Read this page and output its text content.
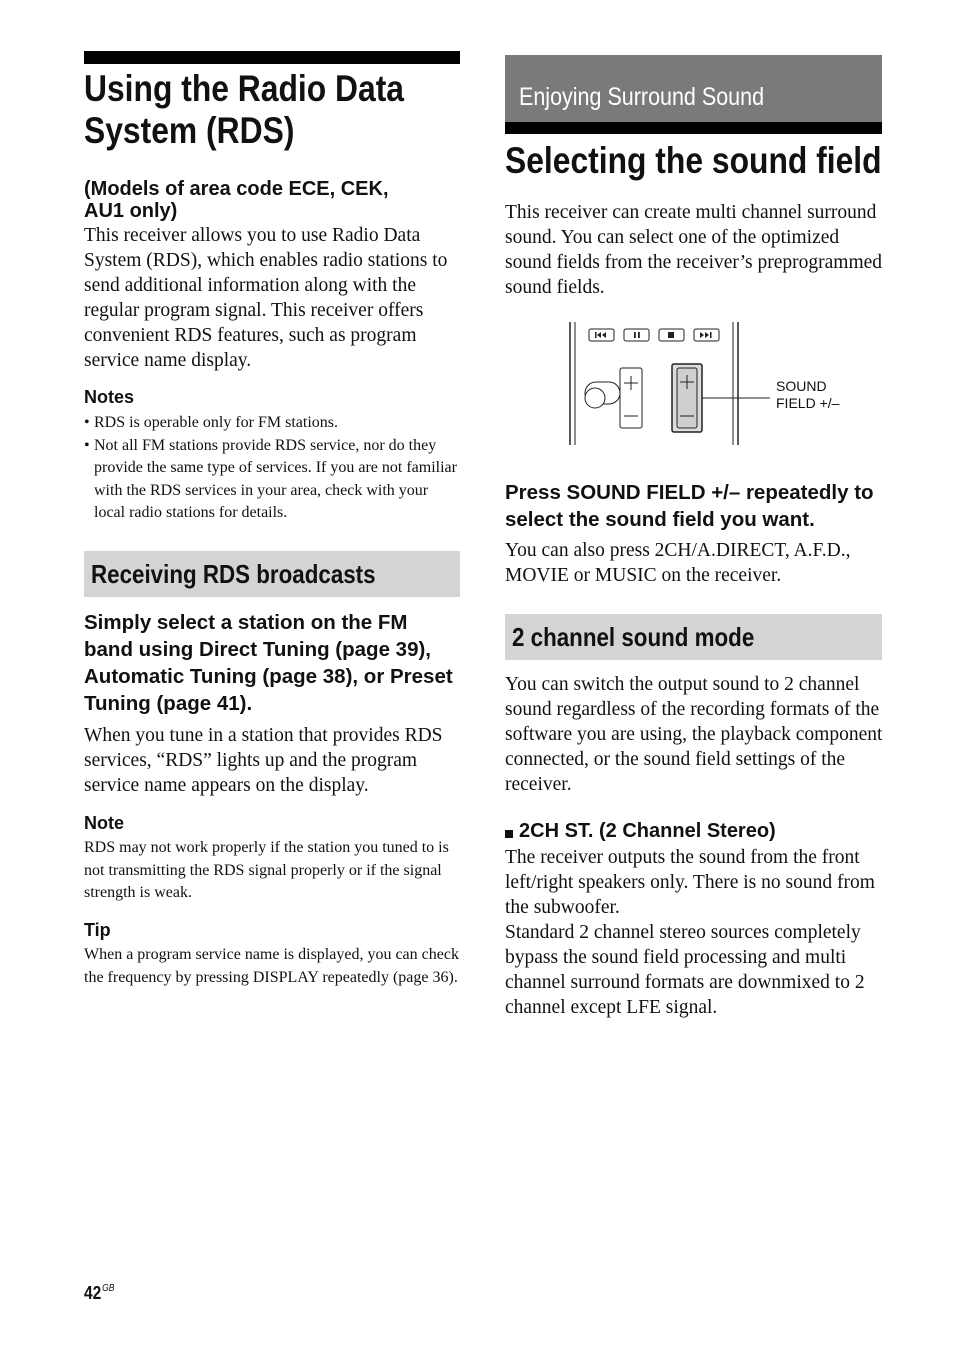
Using the Radio Data
System (RDS)
(Models of area code ECE, CEK,
AU1 only)
This receiver allows you to use Radio Data System (RDS), which enables radio stations to send additional information along with the regular program signal. This receiver offers convenient RDS features, such as program service name display.
Notes
• RDS is operable only for FM stations.
• Not all FM stations provide RDS service, nor do they provide the same type of services. If you are not familiar with the RDS services in your area, check with your local radio stations for details.
Receiving RDS broadcasts
Simply select a station on the FM band using Direct Tuning (page 39), Automatic Tuning (page 38), or Preset Tuning (page 41).
When you tune in a station that provides RDS services, “RDS” lights up and the program service name appears on the display.
Note
RDS may not work properly if the station you tuned to is not transmitting the RDS signal properly or if the signal strength is weak.
Tip
When a program service name is displayed, you can check the frequency by pressing DISPLAY repeatedly (page 36).
Enjoying Surround Sound
Selecting the sound field
This receiver can create multi channel surround sound. You can select one of the optimized sound fields from the receiver’s preprogrammed sound fields.
SOUND
FIELD +/–
Press SOUND FIELD +/– repeatedly to select the sound field you want.
You can also press 2CH/A.DIRECT, A.F.D., MOVIE or MUSIC on the receiver.
2 channel sound mode
You can switch the output sound to 2 channel sound regardless of the recording formats of the software you are using, the playback component connected, or the sound field settings of the receiver.
2CH ST. (2 Channel Stereo)
The receiver outputs the sound from the front left/right speakers only. There is no sound from the subwoofer.
Standard 2 channel stereo sources completely bypass the sound field processing and multi channel surround formats are downmixed to 2 channel except LFE signal.
$42^{GB}$
